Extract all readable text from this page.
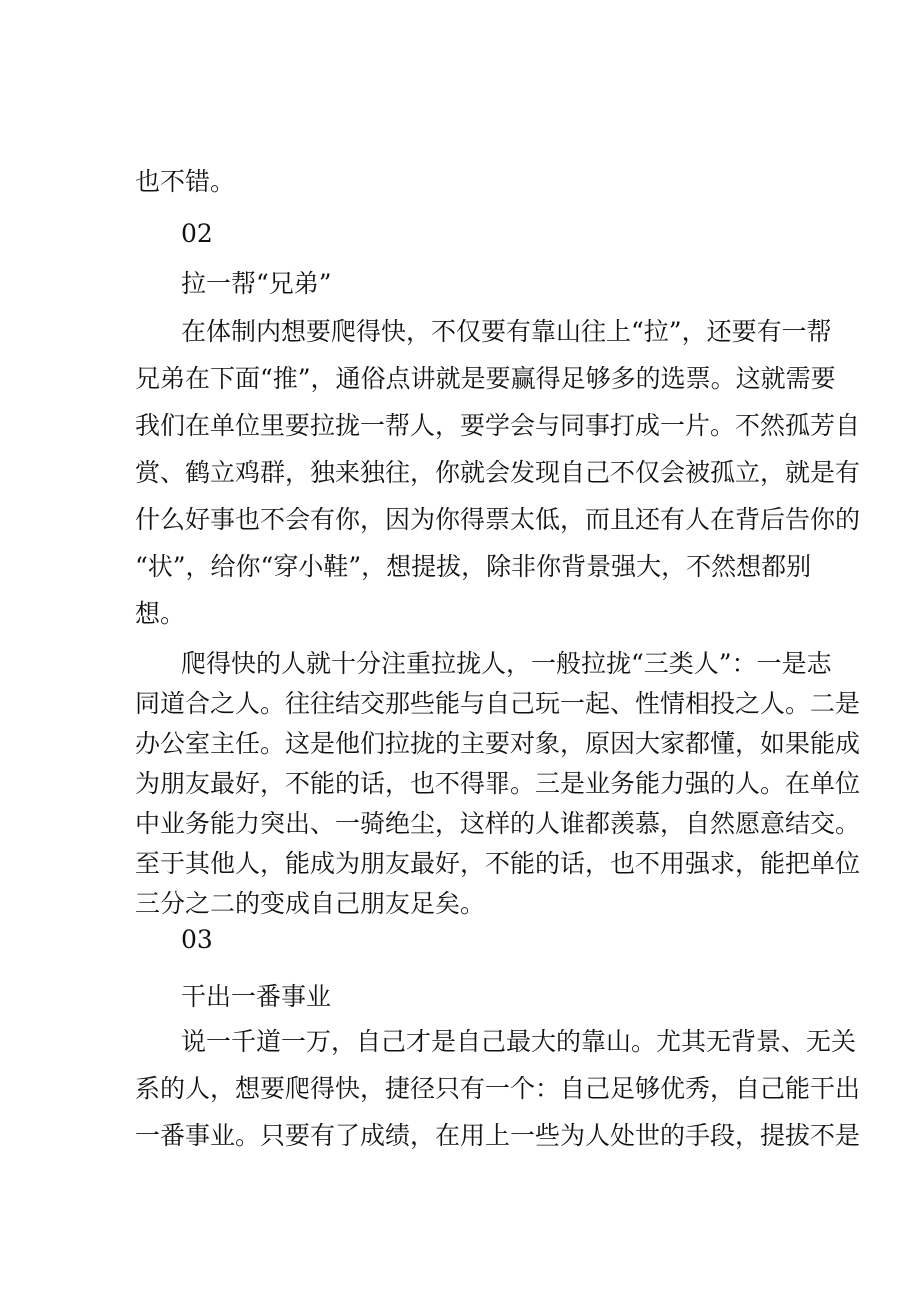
也不错。
02
拉一帮“兄弟”
在体制内想要爬得快，不仅要有靠山往上“拉”，还要有一帮
兄弟在下面“推”，通俗点讲就是要赢得足够多的选票。这就需要
我们在单位里要拉拢一帮人，要学会与同事打成一片。不然孤芳自
赏、鹤立鸡群，独来独往，你就会发现自己不仅会被孤立，就是有
什么好事也不会有你，因为你得票太低，而且还有人在背后告你的
“状”，给你“穿小鞋”，想提拔，除非你背景强大，不然想都别
想。
爬得快的人就十分注重拉拢人，一般拉拢“三类人”：一是志
同道合之人。往往结交那些能与自己玩一起、性情相投之人。二是
办公室主任。这是他们拉拢的主要对象，原因大家都懂，如果能成
为朋友最好，不能的话，也不得罪。三是业务能力强的人。在单位
中业务能力突出、一骑绝尘，这样的人谁都羡慕，自然愿意结交。
至于其他人，能成为朋友最好，不能的话，也不用强求，能把单位
三分之二的变成自己朋友足矣。
03
干出一番事业
说一千道一万，自己才是自己最大的靠山。尤其无背景、无关
系的人，想要爬得快，捷径只有一个：自己足够优秀，自己能干出
一番事业。只要有了成绩，在用上一些为人处世的手段，提拔不是
